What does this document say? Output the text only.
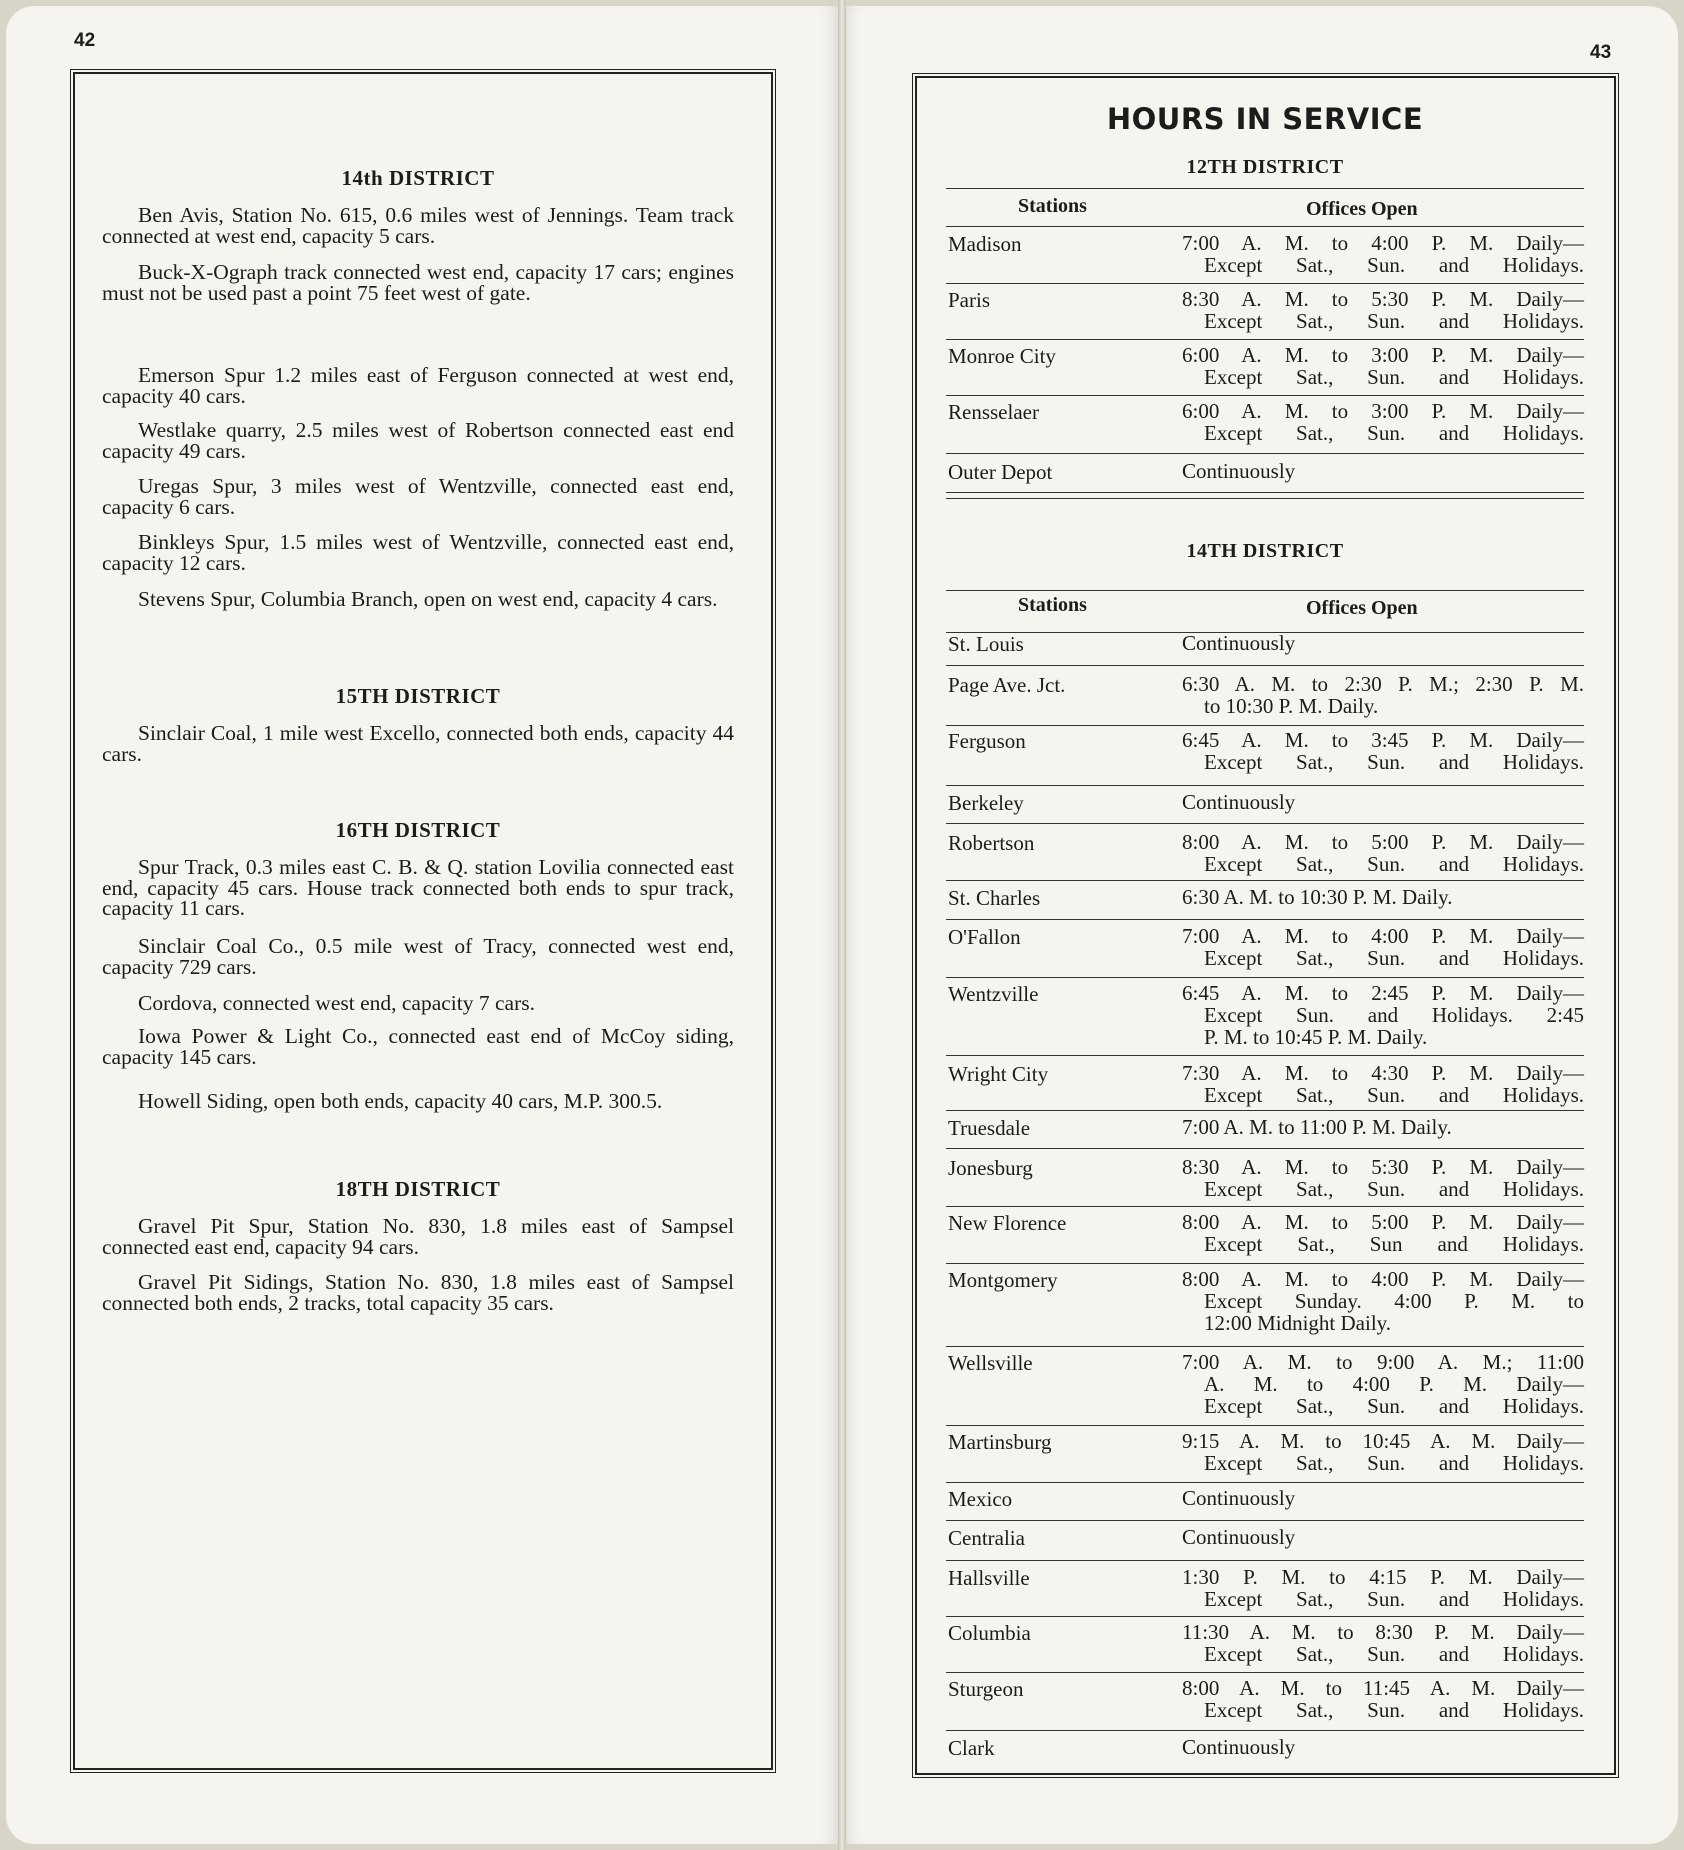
42
43
14th DISTRICT

Ben Avis, Station No. 615, 0.6 miles west of Jennings. Team track connected at west end, capacity 5 cars.

Buck-X-Ograph track connected west end, capacity 17 cars; engines must not be used past a point 75 feet west of gate.

Emerson Spur 1.2 miles east of Ferguson connected at west end, capacity 40 cars.

Westlake quarry, 2.5 miles west of Robertson connected east end capacity 49 cars.

Uregas Spur, 3 miles west of Wentzville, connected east end, capacity 6 cars.

Binkleys Spur, 1.5 miles west of Wentzville, connected east end, capacity 12 cars.

Stevens Spur, Columbia Branch, open on west end, capacity 4 cars.

15TH DISTRICT

Sinclair Coal, 1 mile west Excello, connected both ends, capacity 44 cars.

16TH DISTRICT

Spur Track, 0.3 miles east C. B. & Q. station Lovilia connected east end, capacity 45 cars. House track connected both ends to spur track, capacity 11 cars.

Sinclair Coal Co., 0.5 mile west of Tracy, connected west end, capacity 729 cars.

Cordova, connected west end, capacity 7 cars.

Iowa Power & Light Co., connected east end of McCoy siding, capacity 145 cars.

Howell Siding, open both ends, capacity 40 cars, M.P. 300.5.

18TH DISTRICT

Gravel Pit Spur, Station No. 830, 1.8 miles east of Sampsel connected east end, capacity 94 cars.

Gravel Pit Sidings, Station No. 830, 1.8 miles east of Sampsel connected both ends, 2 tracks, total capacity 35 cars.

HOURS IN SERVICE
12TH DISTRICT
Stations	Offices Open
Madison	7:00 A. M. to 4:00 P. M. Daily—
Except Sat., Sun. and Holidays.
Paris	8:30 A. M. to 5:30 P. M. Daily—
Except Sat., Sun. and Holidays.
Monroe City	6:00 A. M. to 3:00 P. M. Daily—
Except Sat., Sun. and Holidays.
Rensselaer	6:00 A. M. to 3:00 P. M. Daily—
Except Sat., Sun. and Holidays.
Outer Depot	Continuously
14TH DISTRICT
Stations	Offices Open
St. Louis	Continuously
Page Ave. Jct.	6:30 A. M. to 2:30 P. M.; 2:30 P. M.
to 10:30 P. M. Daily.
Ferguson	6:45 A. M. to 3:45 P. M. Daily—
Except Sat., Sun. and Holidays.
Berkeley	Continuously
Robertson	8:00 A. M. to 5:00 P. M. Daily—
Except Sat., Sun. and Holidays.
St. Charles	6:30 A. M. to 10:30 P. M. Daily.
O'Fallon	7:00 A. M. to 4:00 P. M. Daily—
Except Sat., Sun. and Holidays.
Wentzville	6:45 A. M. to 2:45 P. M. Daily—
Except Sun. and Holidays. 2:45
P. M. to 10:45 P. M. Daily.
Wright City	7:30 A. M. to 4:30 P. M. Daily—
Except Sat., Sun. and Holidays.
Truesdale	7:00 A. M. to 11:00 P. M. Daily.
Jonesburg	8:30 A. M. to 5:30 P. M. Daily—
Except Sat., Sun. and Holidays.
New Florence	8:00 A. M. to 5:00 P. M. Daily—
Except Sat., Sun and Holidays.
Montgomery	8:00 A. M. to 4:00 P. M. Daily—
Except Sunday. 4:00 P. M. to
12:00 Midnight Daily.
Wellsville	7:00 A. M. to 9:00 A. M.; 11:00
A. M. to 4:00 P. M. Daily—
Except Sat., Sun. and Holidays.
Martinsburg	9:15 A. M. to 10:45 A. M. Daily—
Except Sat., Sun. and Holidays.
Mexico	Continuously
Centralia	Continuously
Hallsville	1:30 P. M. to 4:15 P. M. Daily—
Except Sat., Sun. and Holidays.
Columbia	11:30 A. M. to 8:30 P. M. Daily—
Except Sat., Sun. and Holidays.
Sturgeon	8:00 A. M. to 11:45 A. M. Daily—
Except Sat., Sun. and Holidays.
Clark	Continuously
